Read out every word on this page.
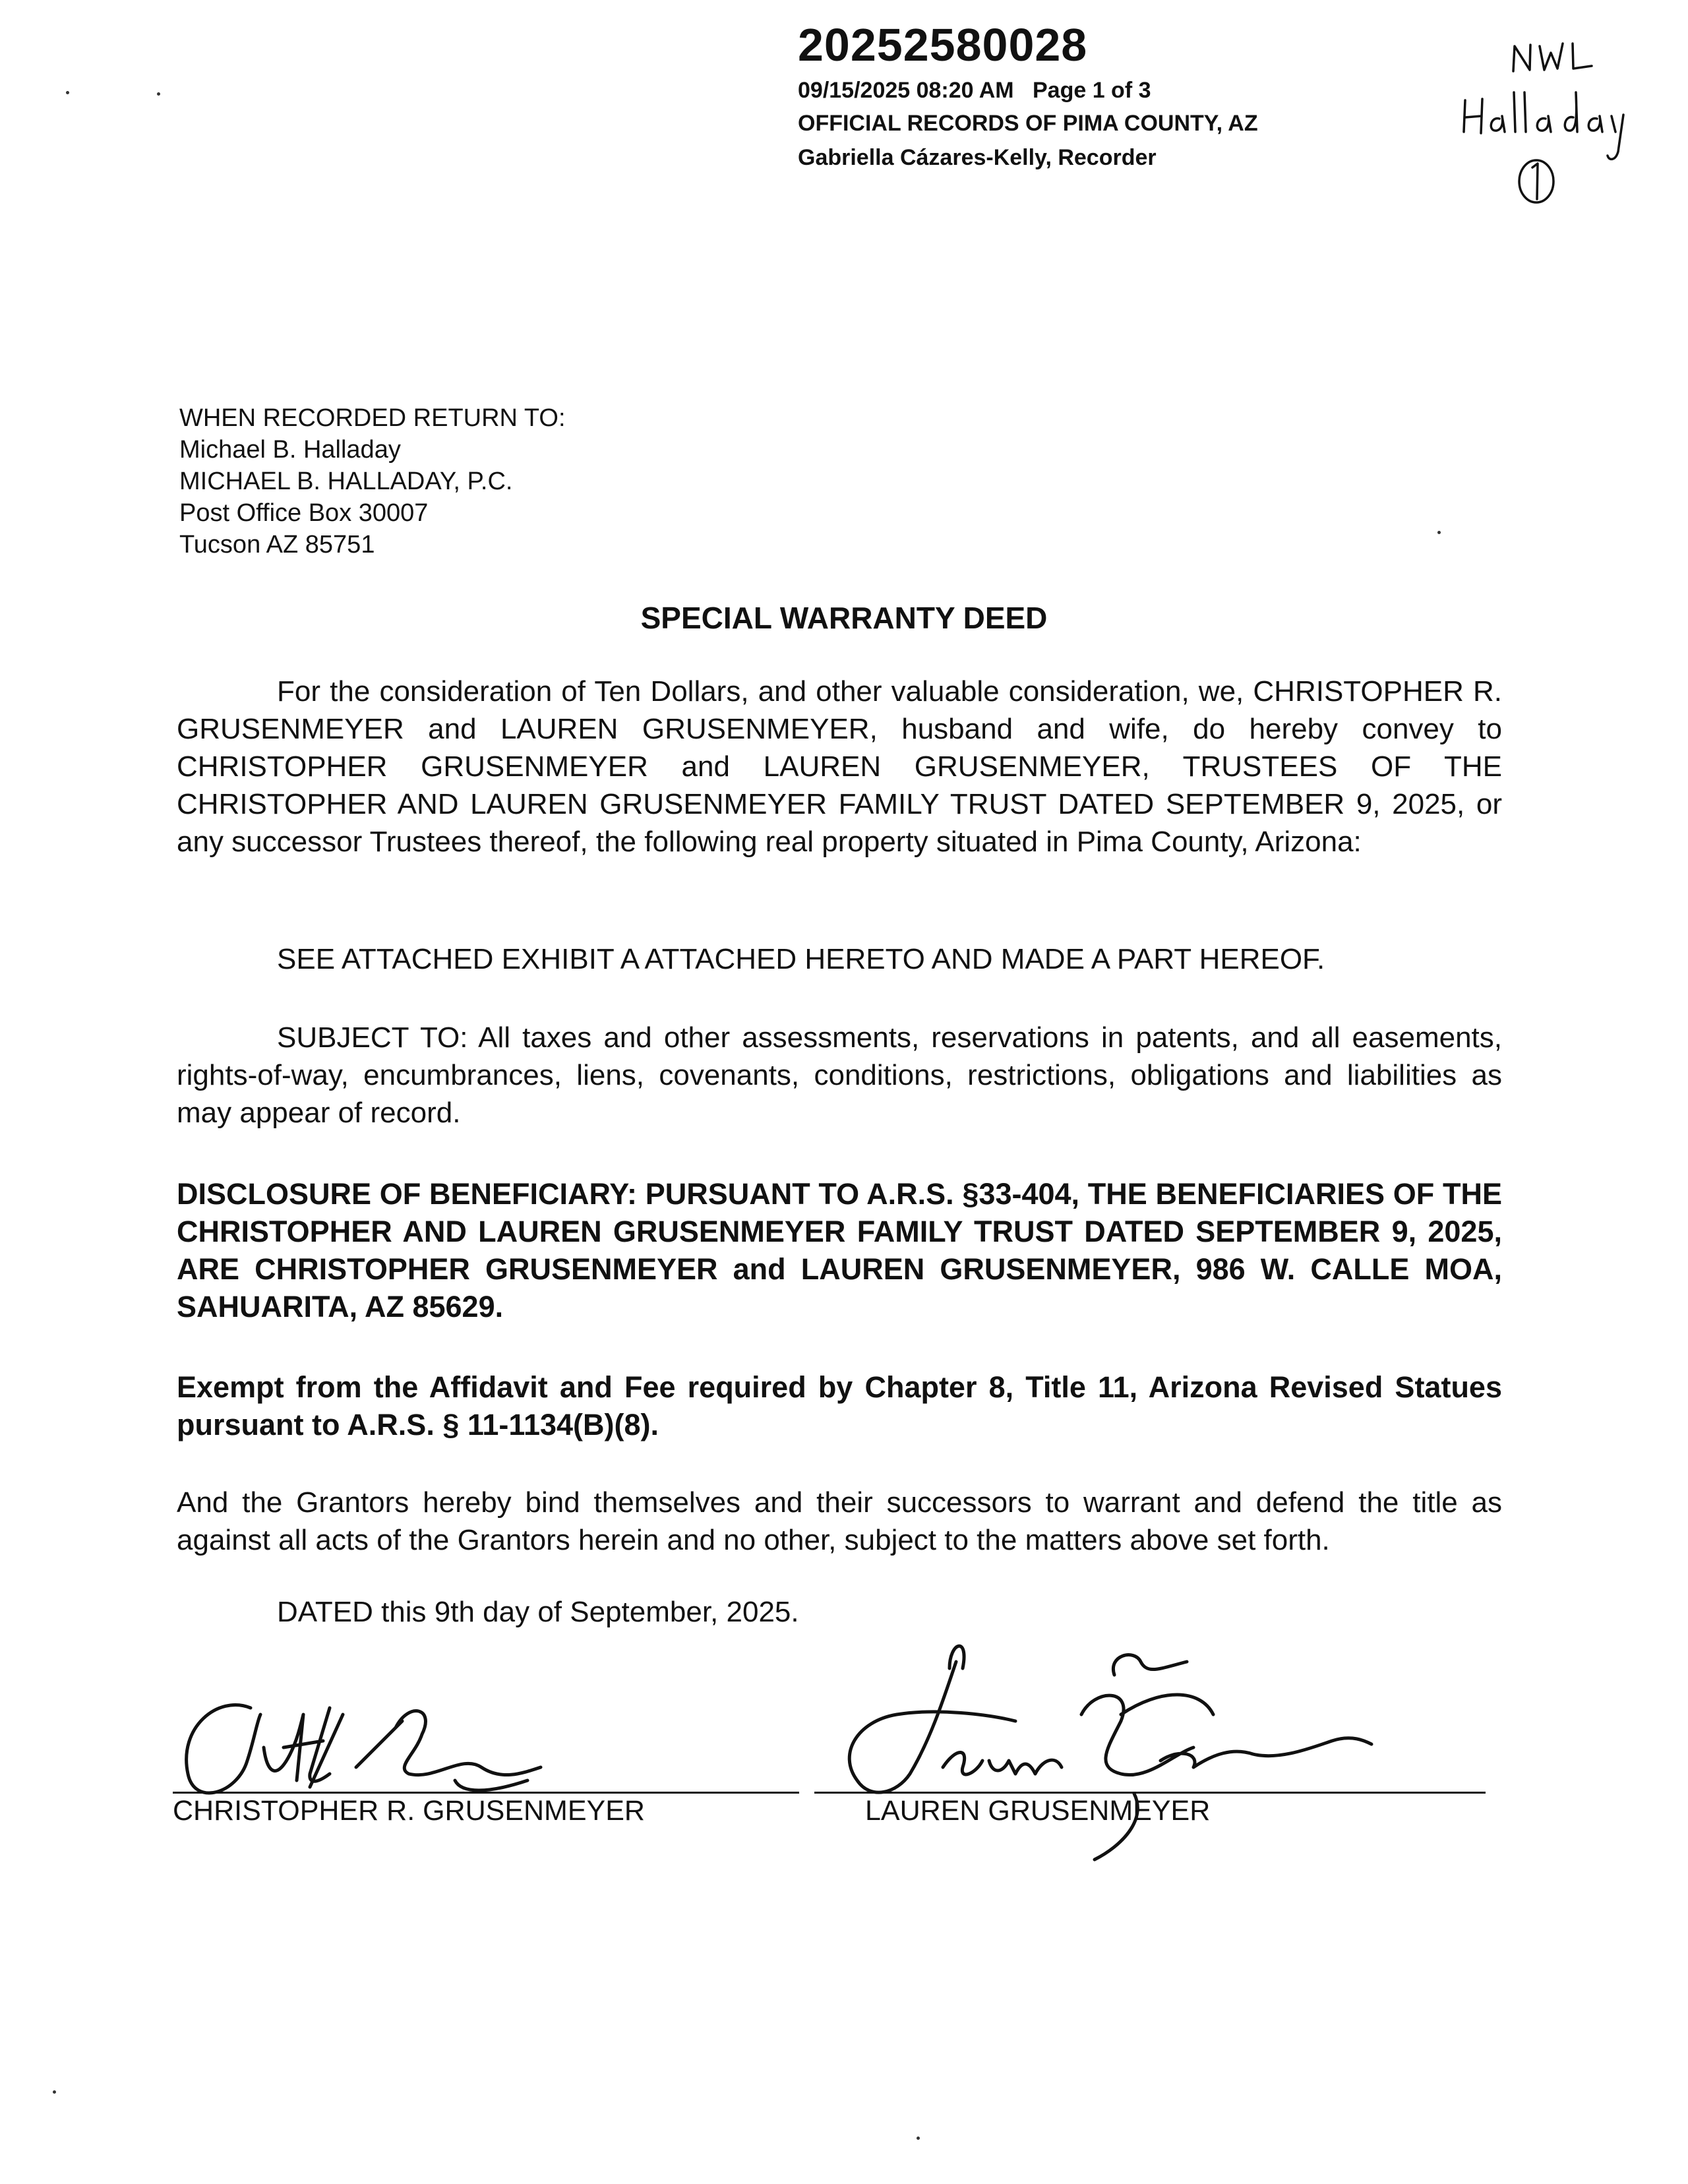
20252580028
09/15/2025 08:20 AM Page 1 of 3
OFFICIAL RECORDS OF PIMA COUNTY, AZ
Gabriella Cázares-Kelly, Recorder
WHEN RECORDED RETURN TO:
Michael B. Halladay
MICHAEL B. HALLADAY, P.C.
Post Office Box 30007
Tucson AZ 85751
SPECIAL WARRANTY DEED
For the consideration of Ten Dollars, and other valuable consideration, we, CHRISTOPHER R. GRUSENMEYER and LAUREN GRUSENMEYER, husband and wife, do hereby convey to CHRISTOPHER GRUSENMEYER and LAUREN GRUSENMEYER, TRUSTEES OF THE CHRISTOPHER AND LAUREN GRUSENMEYER FAMILY TRUST DATED SEPTEMBER 9, 2025, or any successor Trustees thereof, the following real property situated in Pima County, Arizona:
SEE ATTACHED EXHIBIT A ATTACHED HERETO AND MADE A PART HEREOF.
SUBJECT TO: All taxes and other assessments, reservations in patents, and all easements, rights-of-way, encumbrances, liens, covenants, conditions, restrictions, obligations and liabilities as may appear of record.
DISCLOSURE OF BENEFICIARY: PURSUANT TO A.R.S. §33-404, THE BENEFICIARIES OF THE CHRISTOPHER AND LAUREN GRUSENMEYER FAMILY TRUST DATED SEPTEMBER 9, 2025, ARE CHRISTOPHER GRUSENMEYER and LAUREN GRUSENMEYER, 986 W. CALLE MOA, SAHUARITA, AZ 85629.
Exempt from the Affidavit and Fee required by Chapter 8, Title 11, Arizona Revised Statues pursuant to A.R.S. § 11-1134(B)(8).
And the Grantors hereby bind themselves and their successors to warrant and defend the title as against all acts of the Grantors herein and no other, subject to the matters above set forth.
DATED this 9th day of September, 2025.
CHRISTOPHER R. GRUSENMEYER	LAUREN GRUSENMEYER
